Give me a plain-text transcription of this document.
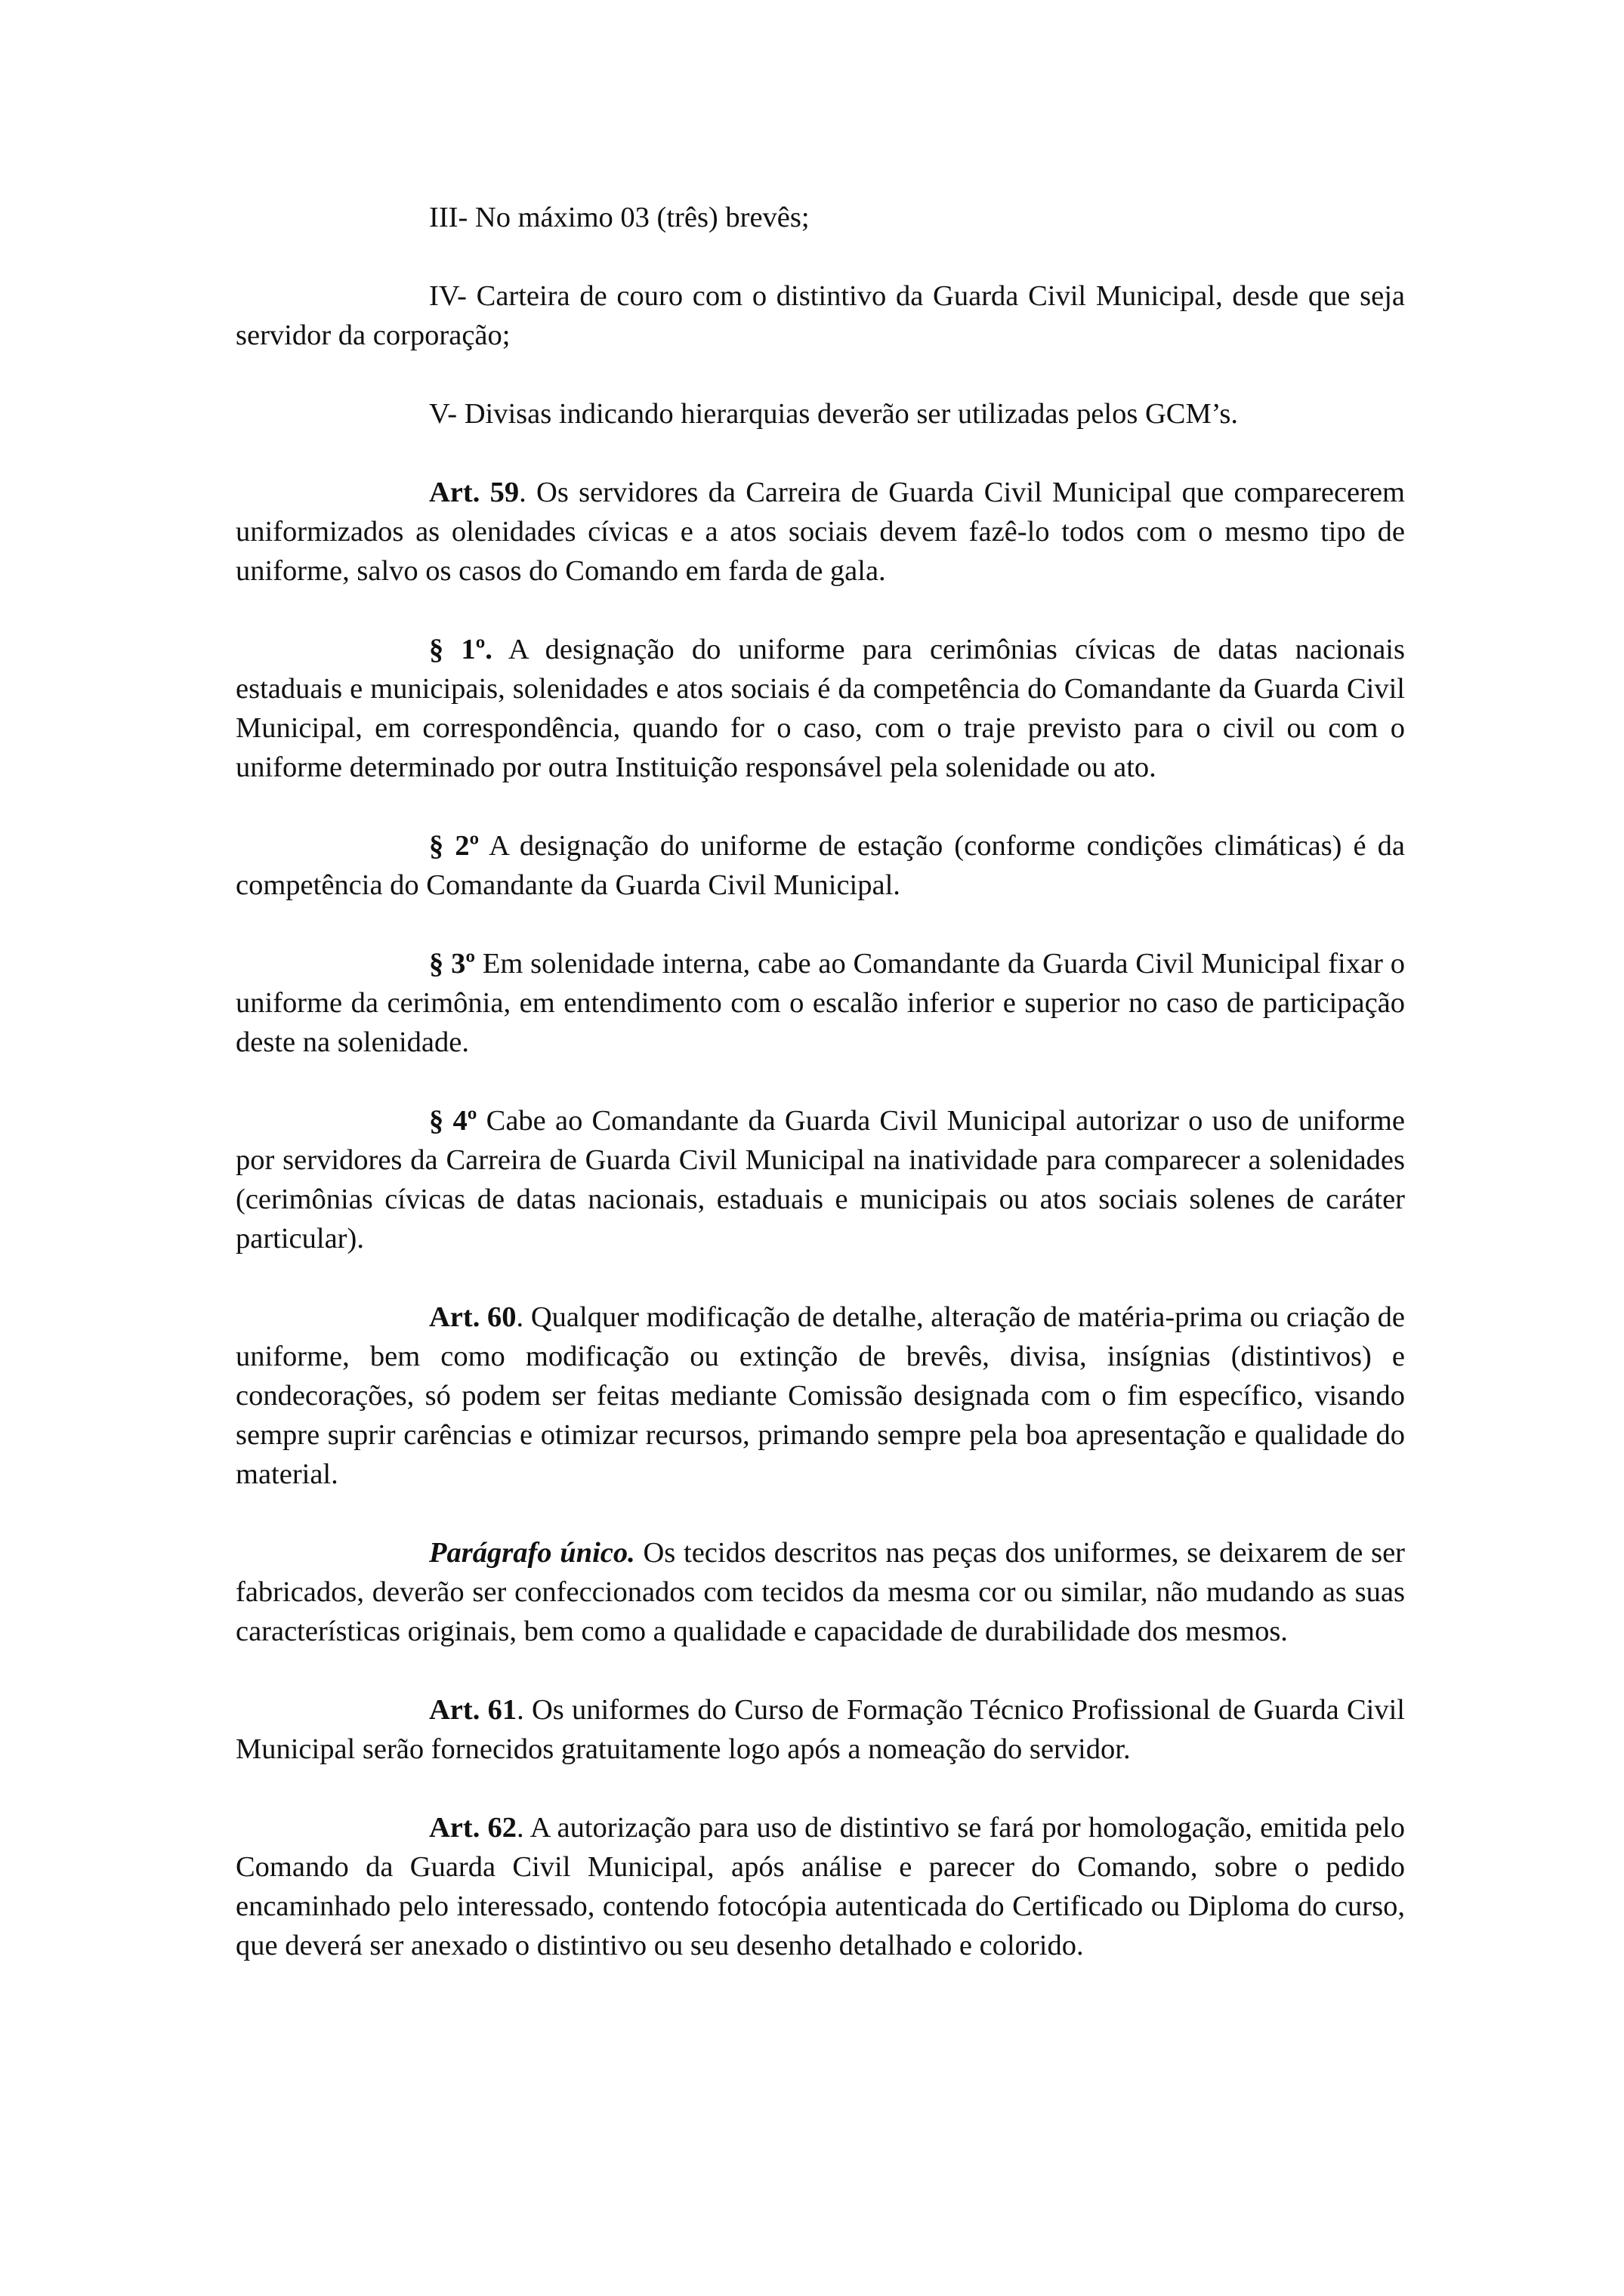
III- No máximo 03 (três) brevês;

IV- Carteira de couro com o distintivo da Guarda Civil Municipal, desde que seja servidor da corporação;

V- Divisas indicando hierarquias deverão ser utilizadas pelos GCM’s.

Art. 59. Os servidores da Carreira de Guarda Civil Municipal que comparecerem uniformizados as olenidades cívicas e a atos sociais devem fazê-lo todos com o mesmo tipo de uniforme, salvo os casos do Comando em farda de gala.

§ 1º. A designação do uniforme para cerimônias cívicas de datas nacionais estaduais e municipais, solenidades e atos sociais é da competência do Comandante da Guarda Civil Municipal, em correspondência, quando for o caso, com o traje previsto para o civil ou com o uniforme determinado por outra Instituição responsável pela solenidade ou ato.

§ 2º A designação do uniforme de estação (conforme condições climáticas) é da competência do Comandante da Guarda Civil Municipal.

§ 3º Em solenidade interna, cabe ao Comandante da Guarda Civil Municipal fixar o uniforme da cerimônia, em entendimento com o escalão inferior e superior no caso de participação deste na solenidade.

§ 4º Cabe ao Comandante da Guarda Civil Municipal autorizar o uso de uniforme por servidores da Carreira de Guarda Civil Municipal na inatividade para comparecer a solenidades (cerimônias cívicas de datas nacionais, estaduais e municipais ou atos sociais solenes de caráter particular).

Art. 60. Qualquer modificação de detalhe, alteração de matéria-prima ou criação de uniforme, bem como modificação ou extinção de brevês, divisa, insígnias (distintivos) e condecorações, só podem ser feitas mediante Comissão designada com o fim específico, visando sempre suprir carências e otimizar recursos, primando sempre pela boa apresentação e qualidade do material.

Parágrafo único. Os tecidos descritos nas peças dos uniformes, se deixarem de ser fabricados, deverão ser confeccionados com tecidos da mesma cor ou similar, não mudando as suas características originais, bem como a qualidade e capacidade de durabilidade dos mesmos.

Art. 61. Os uniformes do Curso de Formação Técnico Profissional de Guarda Civil Municipal serão fornecidos gratuitamente logo após a nomeação do servidor.

Art. 62. A autorização para uso de distintivo se fará por homologação, emitida pelo Comando da Guarda Civil Municipal, após análise e parecer do Comando, sobre o pedido encaminhado pelo interessado, contendo fotocópia autenticada do Certificado ou Diploma do curso, que deverá ser anexado o distintivo ou seu desenho detalhado e colorido.
